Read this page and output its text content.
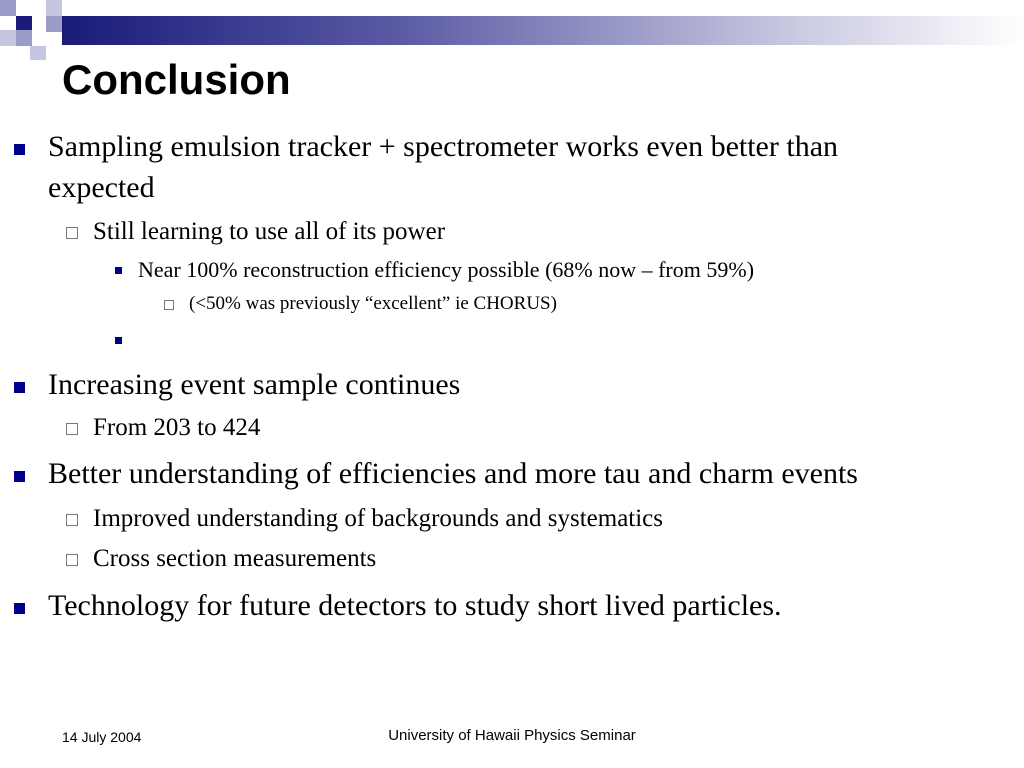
Conclusion
Sampling emulsion tracker + spectrometer works even better than
expected
Still learning to use all of its power
Near 100% reconstruction efficiency possible (68% now – from 59%)
(<50% was previously “excellent” ie CHORUS)
Increasing event sample continues
From 203 to 424
Better understanding of efficiencies and more tau and charm events
Improved understanding of backgrounds and systematics
Cross section measurements
Technology for future detectors to study short lived particles.
14 July 2004	University of Hawaii Physics Seminar
